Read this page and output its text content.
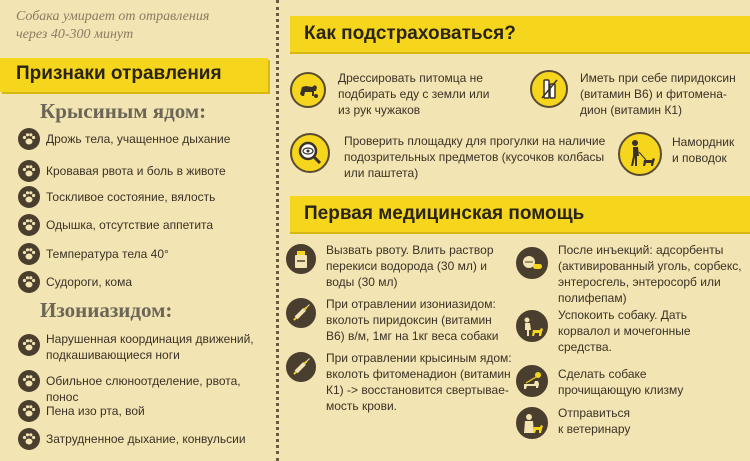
Собака умирает от отравления
через 40-300 минут
Признаки отравления
Крысиным ядом:
Дрожь тела, учащенное дыхание
Кровавая рвота и боль в животе
Тоскливое состояние, вялость
Одышка, отсутствие аппетита
Температура тела 40°
Судороги, кома
Изониазидом:
Нарушенная координация движений,
подкашивающиеся ноги
Обильное слюноотделение, рвота, понос
Пена изо рта, вой
Затрудненное дыхание, конвульсии
Как подстраховаться?
Дрессировать питомца не
подбирать еду с земли или
из рук чужаков
Иметь при себе пиридоксин
(витамин В6) и фитомена-
дион (витамин К1)
Проверить площадку для прогулки на наличие
подозрительных предметов (кусочков колбасы
или паштета)
Намордник
и поводок
Первая медицинская помощь
Вызвать рвоту. Влить раствор
перекиси водорода (30 мл) и
воды (30 мл)
При отравлении изониазидом:
вколоть пиридоксин (витамин
В6) в/м, 1мг на 1кг веса собаки
При отравлении крысиным ядом:
вколоть фитоменадион (витамин
К1) -> восстановится свертывае-
мость крови.
После инъекций: адсорбенты
(активированный уголь, сорбекс,
энтеросгель, энтеросорб или
полифепам)
Успокоить собаку. Дать
корвалол и мочегонные
средства.
Сделать собаке
прочищающую клизму
Отправиться
к ветеринару
